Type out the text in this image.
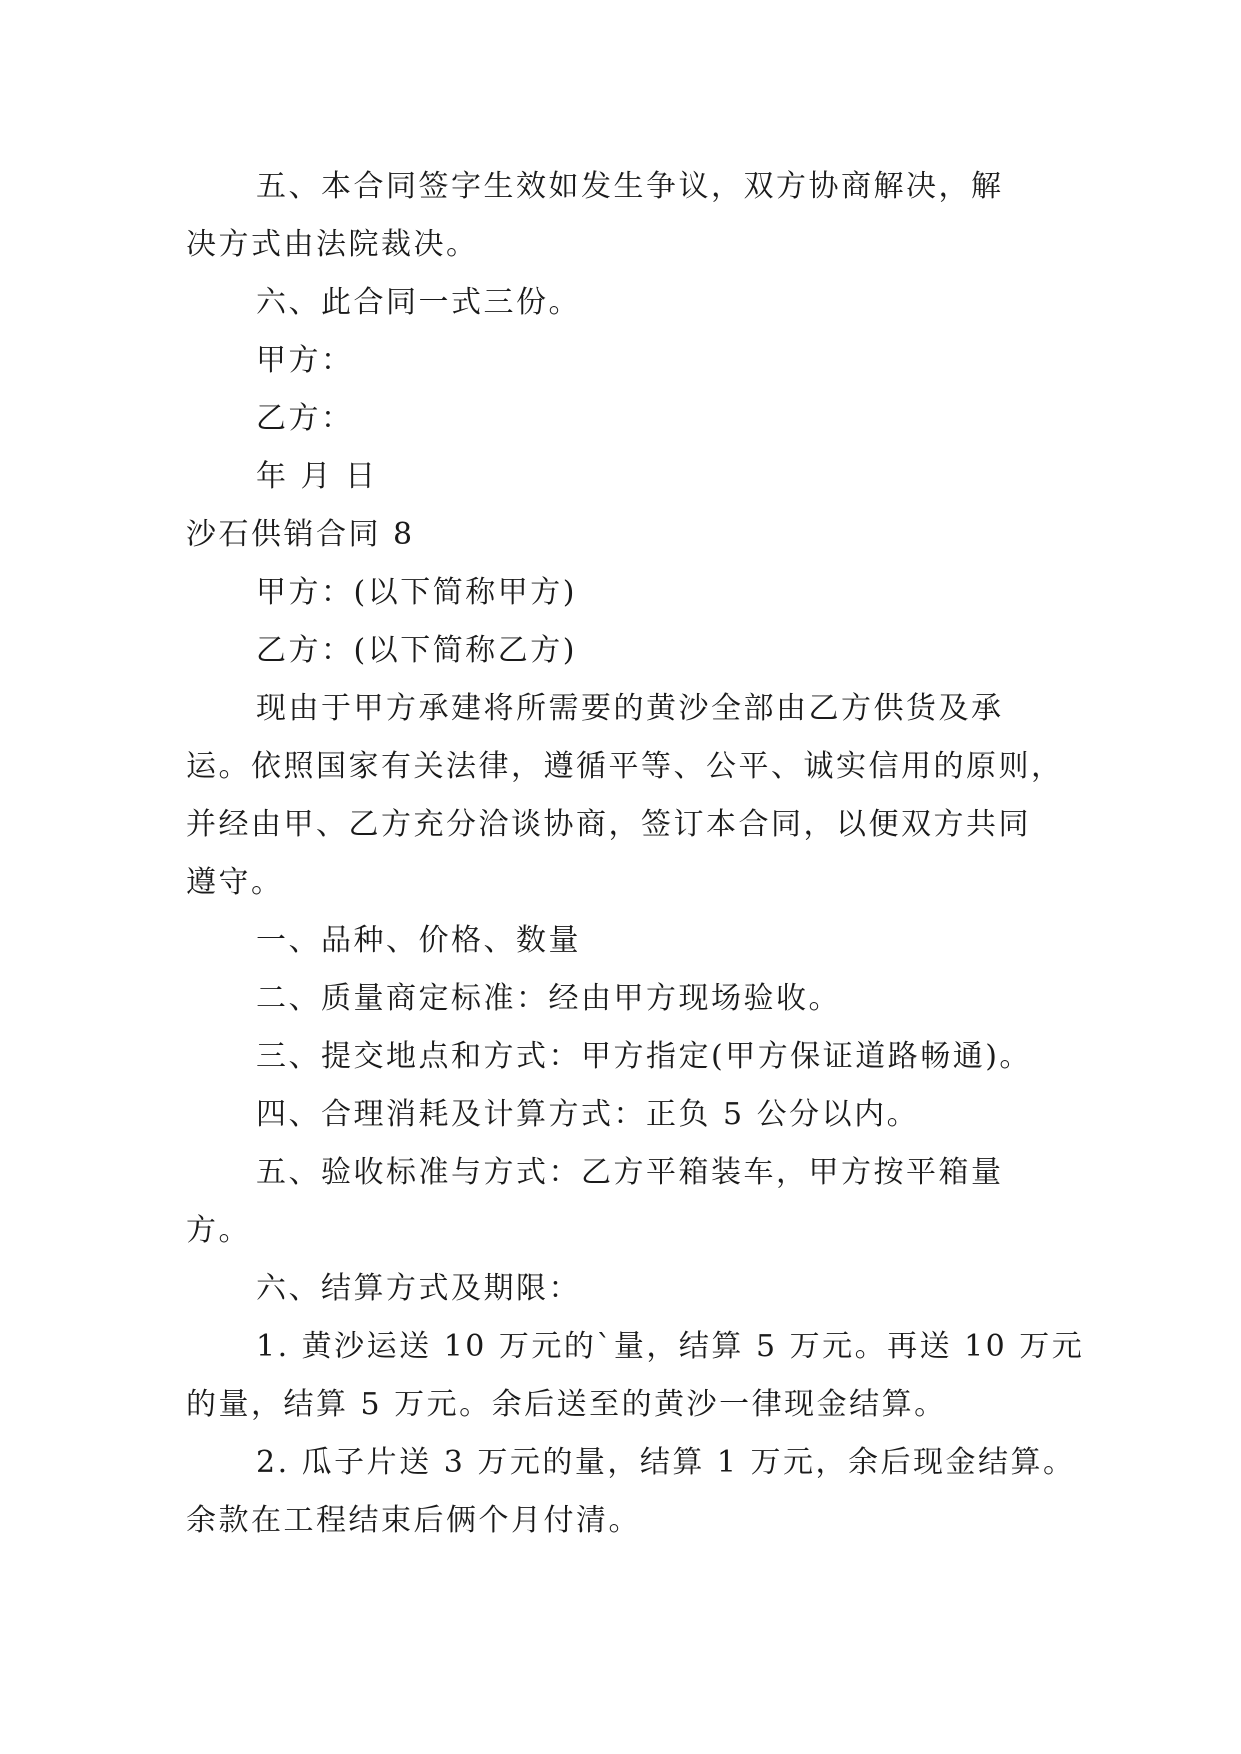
五、本合同签字生效如发生争议，双方协商解决，解
决方式由法院裁决。
六、此合同一式三份。
甲方：
乙方：
年 月 日
沙石供销合同 8
甲方：(以下简称甲方)
乙方：(以下简称乙方)
现由于甲方承建将所需要的黄沙全部由乙方供货及承
运。依照国家有关法律，遵循平等、公平、诚实信用的原则，
并经由甲、乙方充分洽谈协商，签订本合同，以便双方共同
遵守。
一、品种、价格、数量
二、质量商定标准：经由甲方现场验收。
三、提交地点和方式：甲方指定(甲方保证道路畅通)。
四、合理消耗及计算方式：正负 5 公分以内。
五、验收标准与方式：乙方平箱装车，甲方按平箱量
方。
六、结算方式及期限：
1. 黄沙运送 10 万元的`量，结算 5 万元。再送 10 万元
的量，结算 5 万元。余后送至的黄沙一律现金结算。
2. 瓜子片送 3 万元的量，结算 1 万元，余后现金结算。
余款在工程结束后俩个月付清。
